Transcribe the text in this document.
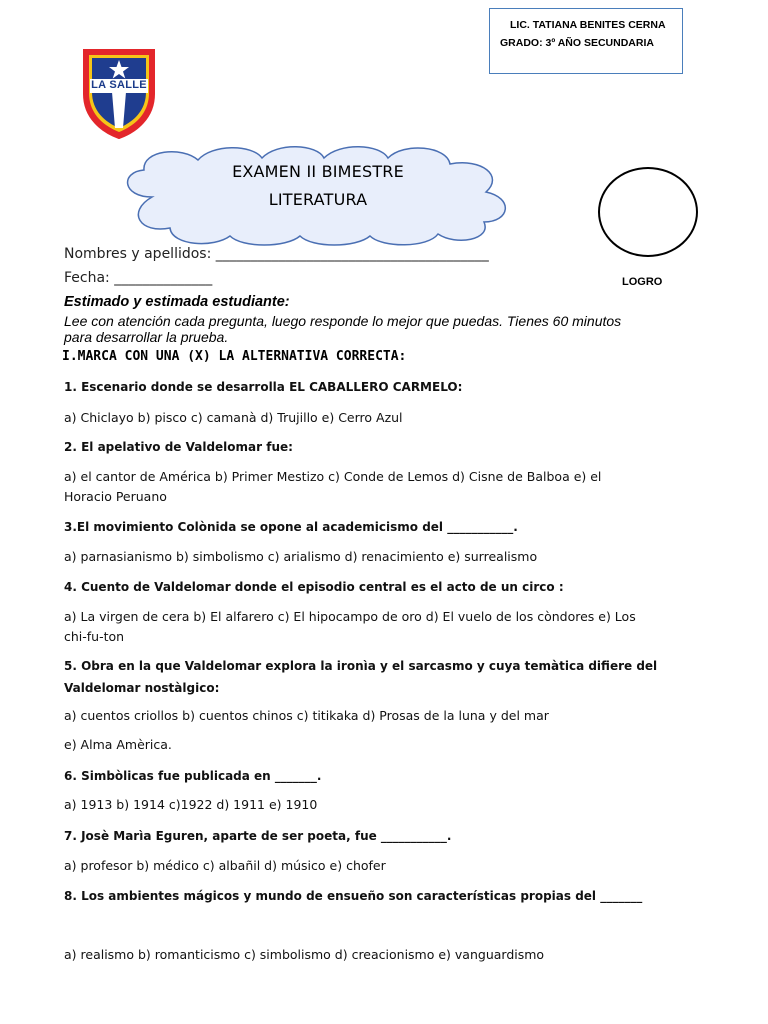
LIC. TATIANA BENITES CERNA
GRADO: 3º AÑO SECUNDARIA
LA SALLE
EXAMEN II BIMESTRE
LITERATURA
LOGRO
Nombres y apellidos: _______________________________________
Fecha: ______________
Estimado y estimada estudiante:
Lee con atención cada pregunta, luego responde lo mejor que puedas. Tienes 60 minutos
para desarrollar la prueba.
I.MARCA CON UNA (X) LA ALTERNATIVA CORRECTA:
1. Escenario donde se desarrolla EL CABALLERO CARMELO:
a) Chiclayo b) pisco c) camanà d) Trujillo e) Cerro Azul
2. El apelativo de Valdelomar fue:
a) el cantor de América b) Primer Mestizo c) Conde de Lemos d) Cisne de Balboa e) el
Horacio Peruano
3.El movimiento Colònida se opone al academicismo del ___________.
a) parnasianismo b) simbolismo c) arialismo d) renacimiento e) surrealismo
4. Cuento de Valdelomar donde el episodio central es el acto de un circo :
a) La virgen de cera b) El alfarero c) El hipocampo de oro d) El vuelo de los còndores e) Los
chi-fu-ton
5. Obra en la que Valdelomar explora la ironìa y el sarcasmo y cuya temàtica difiere del
Valdelomar nostàlgico:
a) cuentos criollos b) cuentos chinos c) titikaka d) Prosas de la luna y del mar
e) Alma Amèrica.
6. Simbòlicas fue publicada en _______.
a) 1913 b) 1914 c)1922 d) 1911 e) 1910
7. Josè Marìa Eguren, aparte de ser poeta, fue ___________.
a) profesor b) médico c) albañil d) músico e) chofer
8. Los ambientes mágicos y mundo de ensueño son características propias del _______
a) realismo b) romanticismo c) simbolismo d) creacionismo e) vanguardismo
